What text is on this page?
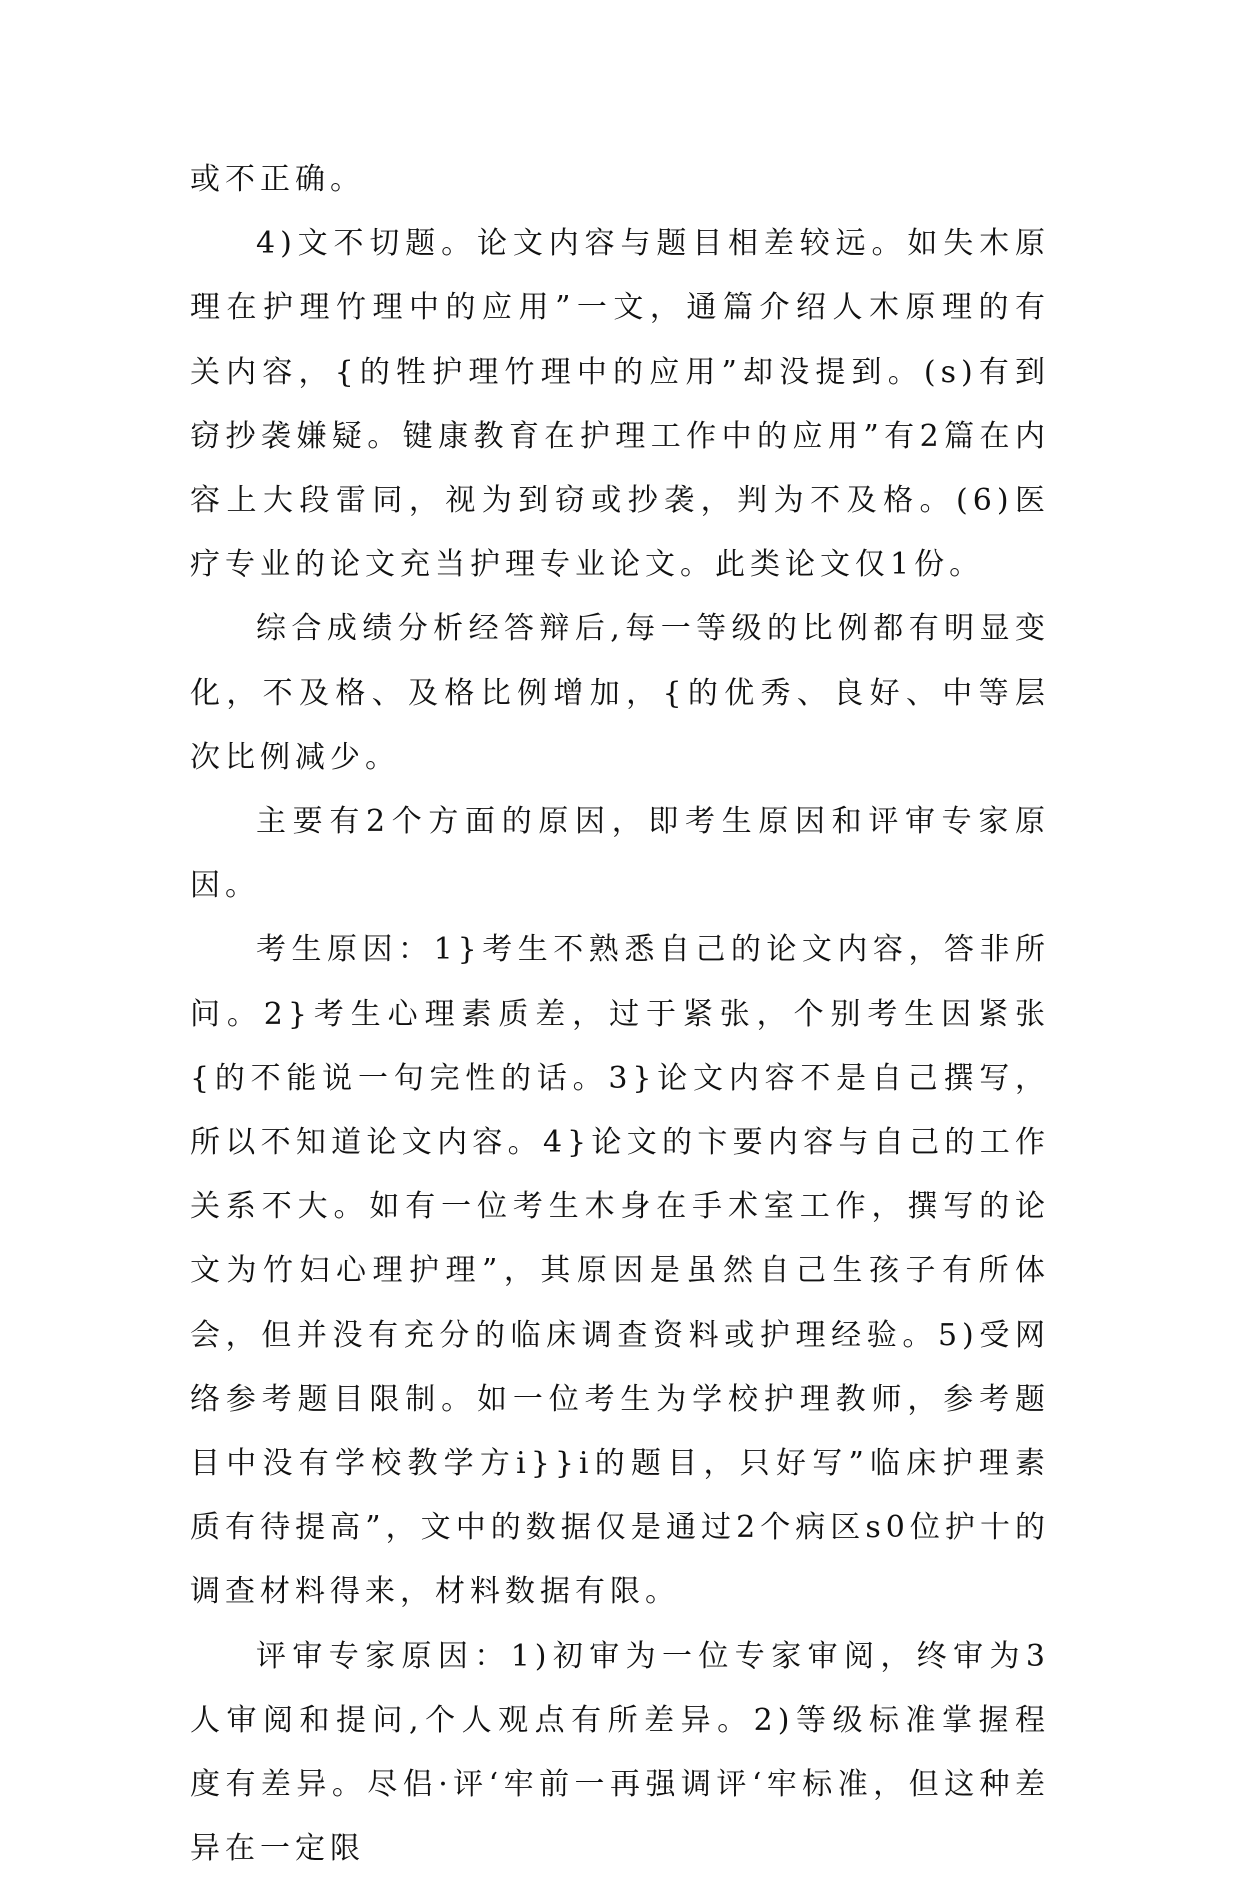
或不正确。

4)文不切题。论文内容与题目相差较远。如失木原理在护理竹理中的应用”一文，通篇介绍人木原理的有关内容，{的牲护理竹理中的应用”却没提到。(s)有到窃抄袭嫌疑。键康教育在护理工作中的应用”有2篇在内容上大段雷同，视为到窃或抄袭，判为不及格。(6)医疗专业的论文充当护理专业论文。此类论文仅1份。

综合成绩分析经答辩后,每一等级的比例都有明显变化，不及格、及格比例增加，{的优秀、良好、中等层次比例减少。

主要有2个方面的原因，即考生原因和评审专家原因。

考生原因：1}考生不熟悉自己的论文内容，答非所问。2}考生心理素质差，过于紧张，个别考生因紧张{的不能说一句完性的话。3}论文内容不是自己撰写，所以不知道论文内容。4}论文的卞要内容与自己的工作关系不大。如有一位考生木身在手术室工作，撰写的论文为竹妇心理护理”，其原因是虽然自己生孩子有所体会，但并没有充分的临床调查资料或护理经验。5)受网络参考题目限制。如一位考生为学校护理教师，参考题目中没有学校教学方i}}i的题目，只好写”临床护理素质有待提高”，文中的数据仅是通过2个病区s0位护十的调查材料得来，材料数据有限。

评审专家原因：1)初审为一位专家审阅，终审为3人审阅和提问,个人观点有所差异。2)等级标准掌握程度有差异。尽侣·评‘牢前一再强调评‘牢标准，但这种差异在一定限
